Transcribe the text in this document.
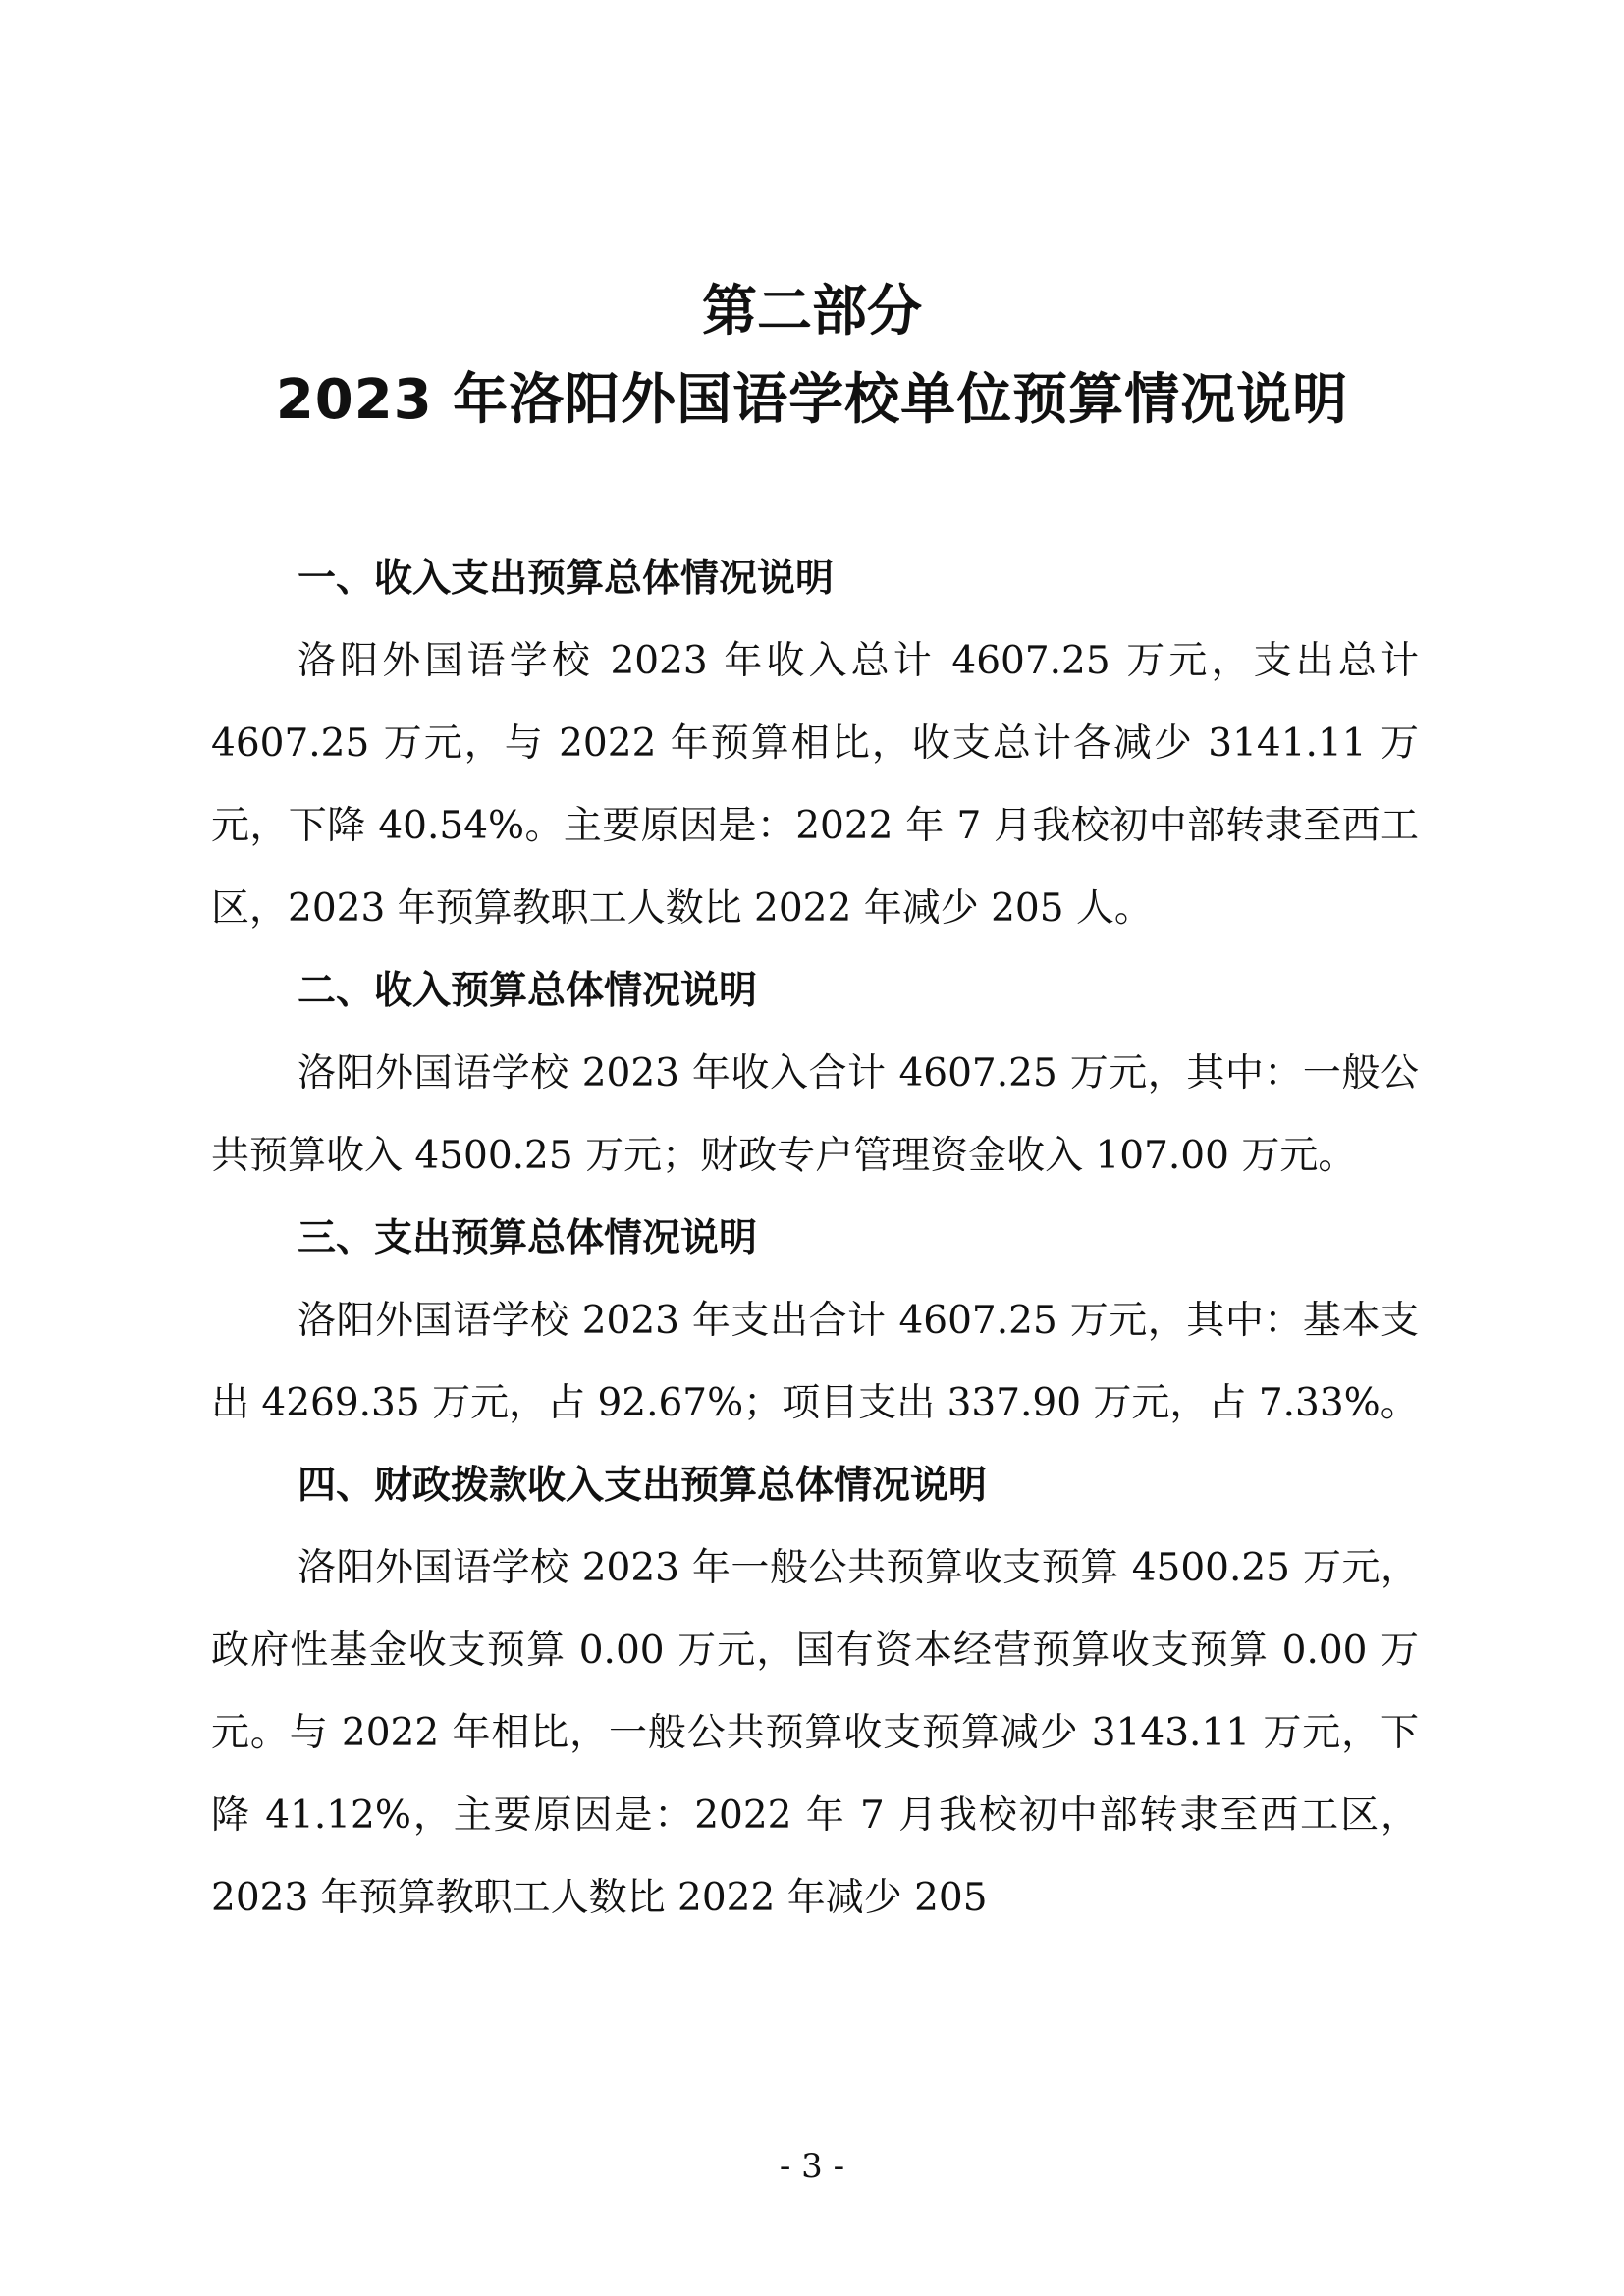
第二部分
2023 年洛阳外国语学校单位预算情况说明
一、收入支出预算总体情况说明

洛阳外国语学校 2023 年收入总计 4607.25 万元，支出总计 4607.25 万元，与 2022 年预算相比，收支总计各减少 3141.11 万元，下降 40.54%。主要原因是：2022 年 7 月我校初中部转隶至西工区，2023 年预算教职工人数比 2022 年减少 205 人。

二、收入预算总体情况说明

洛阳外国语学校 2023 年收入合计 4607.25 万元，其中：一般公共预算收入 4500.25 万元；财政专户管理资金收入 107.00 万元。

三、支出预算总体情况说明

洛阳外国语学校 2023 年支出合计 4607.25 万元，其中：基本支出 4269.35 万元，占 92.67%；项目支出 337.90 万元，占 7.33%。

四、财政拨款收入支出预算总体情况说明

洛阳外国语学校 2023 年一般公共预算收支预算 4500.25 万元，政府性基金收支预算 0.00 万元，国有资本经营预算收支预算 0.00 万元。与 2022 年相比，一般公共预算收支预算减少 3143.11 万元，下降 41.12%，主要原因是：2022 年 7 月我校初中部转隶至西工区，2023 年预算教职工人数比 2022 年减少 205

- 3 -
